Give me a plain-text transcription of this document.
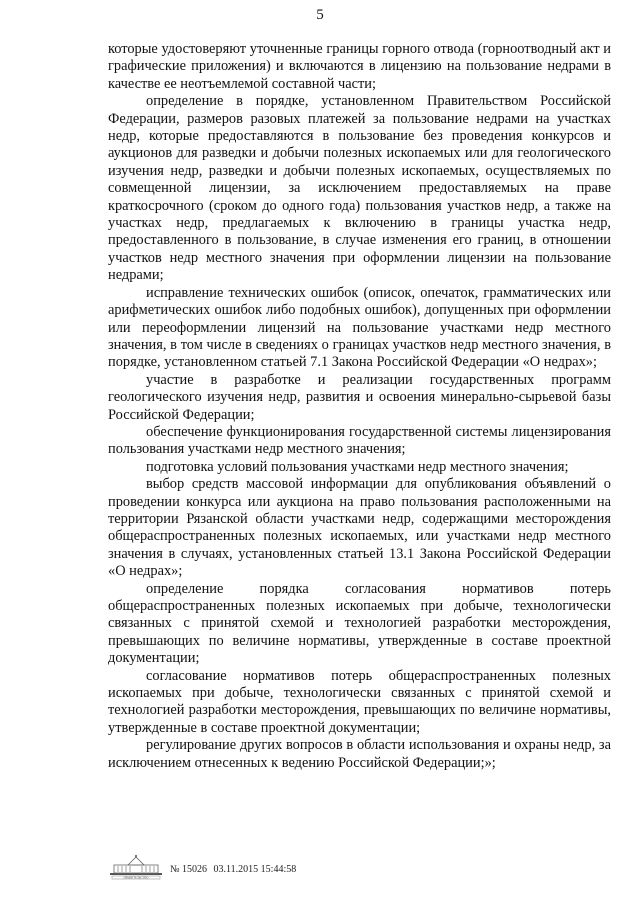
5

которые удостоверяют уточненные границы горного отвода (горноотводный акт и графические приложения) и включаются в лицензию на пользование недрами в качестве ее неотъемлемой составной части;

определение в порядке, установленном Правительством Российской Федерации, размеров разовых платежей за пользование недрами на участках недр, которые предоставляются в пользование без проведения конкурсов и аукционов для разведки и добычи полезных ископаемых или для геологического изучения недр, разведки и добычи полезных ископаемых, осуществляемых по совмещенной лицензии, за исключением предоставляемых на праве краткосрочного (сроком до одного года) пользования участков недр, а также на участках недр, предлагаемых к включению в границы участка недр, предоставленного в пользование, в случае изменения его границ, в отношении участков недр местного значения при оформлении лицензии на пользование недрами;

исправление технических ошибок (описок, опечаток, грамматических или арифметических ошибок либо подобных ошибок), допущенных при оформлении или переоформлении лицензий на пользование участками недр местного значения, в том числе в сведениях о границах участков недр местного значения, в порядке, установленном статьей 7.1 Закона Российской Федерации «О недрах»;

участие в разработке и реализации государственных программ геологического изучения недр, развития и освоения минерально-сырьевой базы Российской Федерации;

обеспечение функционирования государственной системы лицензирования пользования участками недр местного значения;

подготовка условий пользования участками недр местного значения;

выбор средств массовой информации для опубликования объявлений о проведении конкурса или аукциона на право пользования расположенными на территории Рязанской области участками недр, содержащими месторождения общераспространенных полезных ископаемых, или участками недр местного значения в случаях, установленных статьей 13.1 Закона Российской Федерации «О недрах»;

определение порядка согласования нормативов потерь общераспространенных полезных ископаемых при добыче, технологически связанных с принятой схемой и технологией разработки месторождения, превышающих по величине нормативы, утвержденные в составе проектной документации;

согласование нормативов потерь общераспространенных полезных ископаемых при добыче, технологически связанных с принятой схемой и технологией разработки месторождения, превышающих по величине нормативы, утвержденные в составе проектной документации;

регулирование других вопросов в области использования и охраны недр, за исключением отнесенных к ведению Российской Федерации;»;

ПРАВИТЕЛЬСТВО
№ 15026 03.11.2015 15:44:58
